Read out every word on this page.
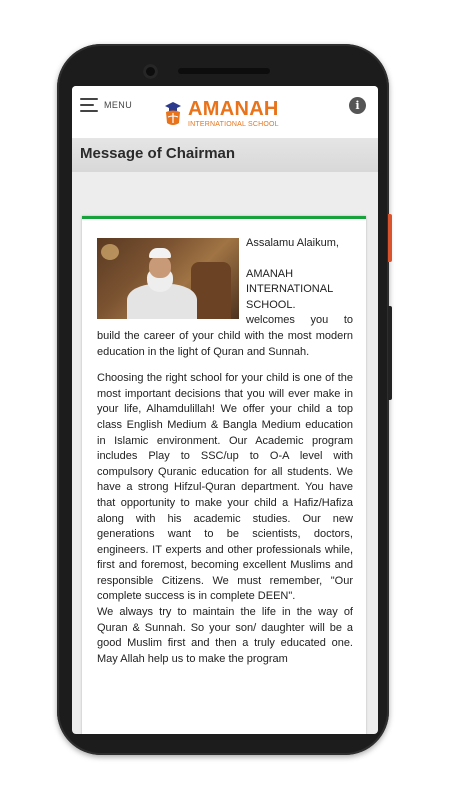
MENU	AMANAH
INTERNATIONAL SCHOOL
i
Message of Chairman

Assalamu Alaikum,

AMANAH INTERNATIONAL SCHOOL.

welcomes you to build the career of your child with the most modern education in the light of Quran and Sunnah.

Choosing the right school for your child is one of the most important decisions that you will ever make in your life, Alhamdulillah! We offer your child a top class English Medium & Bangla Medium education in Islamic environment. Our Academic program includes Play to SSC/up to O-A level with compulsory Quranic education for all students. We have a strong Hifzul-Quran department. You have that opportunity to make your child a Hafiz/Hafiza along with his academic studies. Our new generations want to be scientists, doctors, engineers. IT experts and other professionals while, first and foremost, becoming excellent Muslims and responsible Citizens. We must remember, "Our complete success is in complete DEEN".

We always try to maintain the life in the way of Quran & Sunnah. So your son/ daughter will be a good Muslim first and then a truly educated one. May Allah help us to make the program
